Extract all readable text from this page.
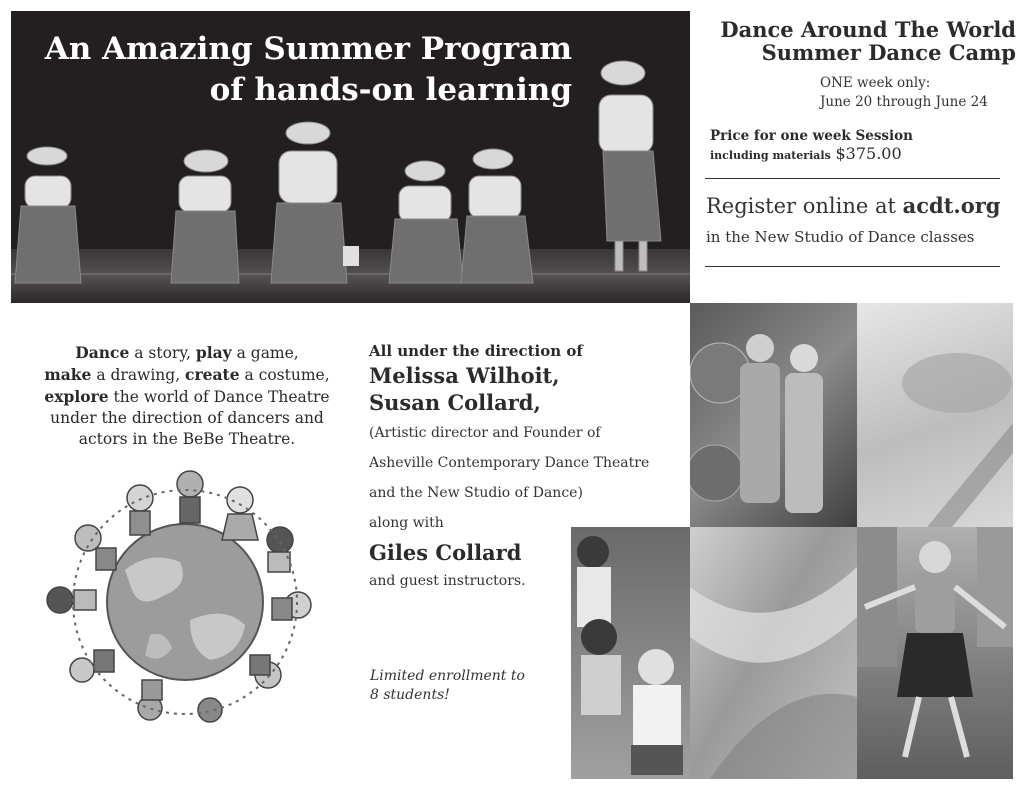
An Amazing Summer Program
of hands-on learning
Dance Around The World
Summer Dance Camp

ONE week only:
June 20 through June 24

Price for one week Session
including materials $375.00

Register online at acdt.org

in the New Studio of Dance classes

Dance a story, play a game,
make a drawing, create a costume,
explore the world of Dance Theatre
under the direction of dancers and
actors in the BeBe Theatre.

All under the direction of

Melissa Wilhoit,

Susan Collard,

(Artistic director and Founder of

Asheville Contemporary Dance Theatre

and the New Studio of Dance)

along with

Giles Collard

and guest instructors.

Limited enrollment to
8 students!
